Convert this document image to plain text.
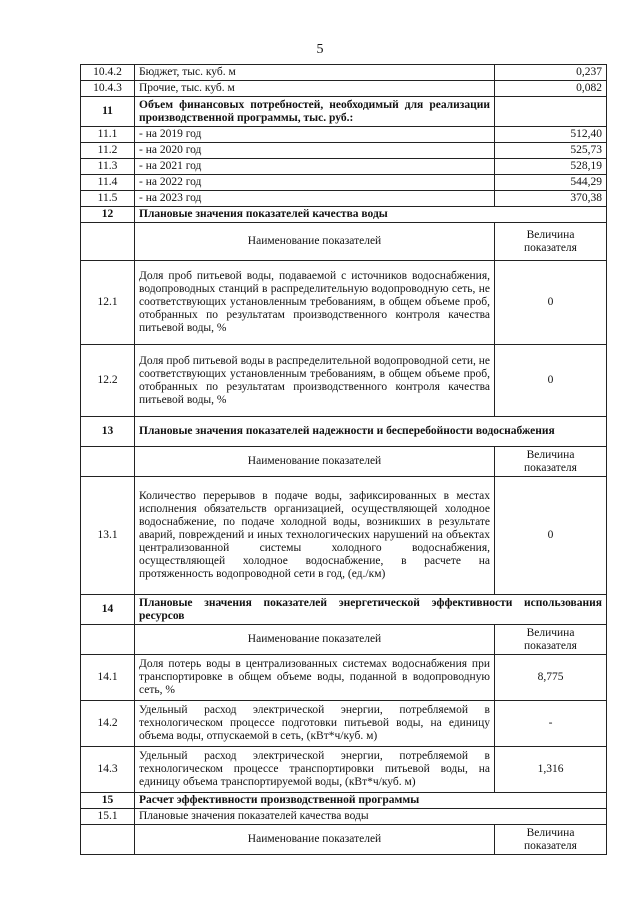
5
10.4.2	Бюджет, тыс. куб. м	0,237
10.4.3	Прочие, тыс. куб. м	0,082
11	Объем финансовых потребностей, необходимый для реализации производственной программы, тыс. руб.:	
11.1	- на 2019 год	512,40
11.2	- на 2020 год	525,73
11.3	- на 2021 год	528,19
11.4	- на 2022 год	544,29
11.5	- на 2023 год	370,38
12	Плановые значения показателей качества воды	
	Наименование показателей	Величина показателя
12.1	Доля проб питьевой воды, подаваемой с источников водоснабжения, водопроводных станций в распределительную водопроводную сеть, не соответствующих установленным требованиям, в общем объеме проб, отобранных по результатам производственного контроля качества питьевой воды, %	0
12.2	Доля проб питьевой воды в распределительной водопроводной сети, не соответствующих установленным требованиям, в общем объеме проб, отобранных по результатам производственного контроля качества питьевой воды, %	0
13	Плановые значения показателей надежности и бесперебойности водоснабжения	
	Наименование показателей	Величина показателя
13.1	Количество перерывов в подаче воды, зафиксированных в местах исполнения обязательств организацией, осуществляющей холодное водоснабжение, по подаче холодной воды, возникших в результате аварий, повреждений и иных технологических нарушений на объектах централизованной системы холодного водоснабжения, осуществляющей холодное водоснабжение, в расчете на протяженность водопроводной сети в год, (ед./км)	0
14	Плановые значения показателей энергетической эффективности использования ресурсов	
	Наименование показателей	Величина показателя
14.1	Доля потерь воды в централизованных системах водоснабжения при транспортировке в общем объеме воды, поданной в водопроводную сеть, %	8,775
14.2	Удельный расход электрической энергии, потребляемой в технологическом процессе подготовки питьевой воды, на единицу объема воды, отпускаемой в сеть, (кВт*ч/куб. м)	-
14.3	Удельный расход электрической энергии, потребляемой в технологическом процессе транспортировки питьевой воды, на единицу объема транспортируемой воды, (кВт*ч/куб. м)	1,316
15	Расчет эффективности производственной программы	
15.1	Плановые значения показателей качества воды	
	Наименование показателей	Величина показателя
